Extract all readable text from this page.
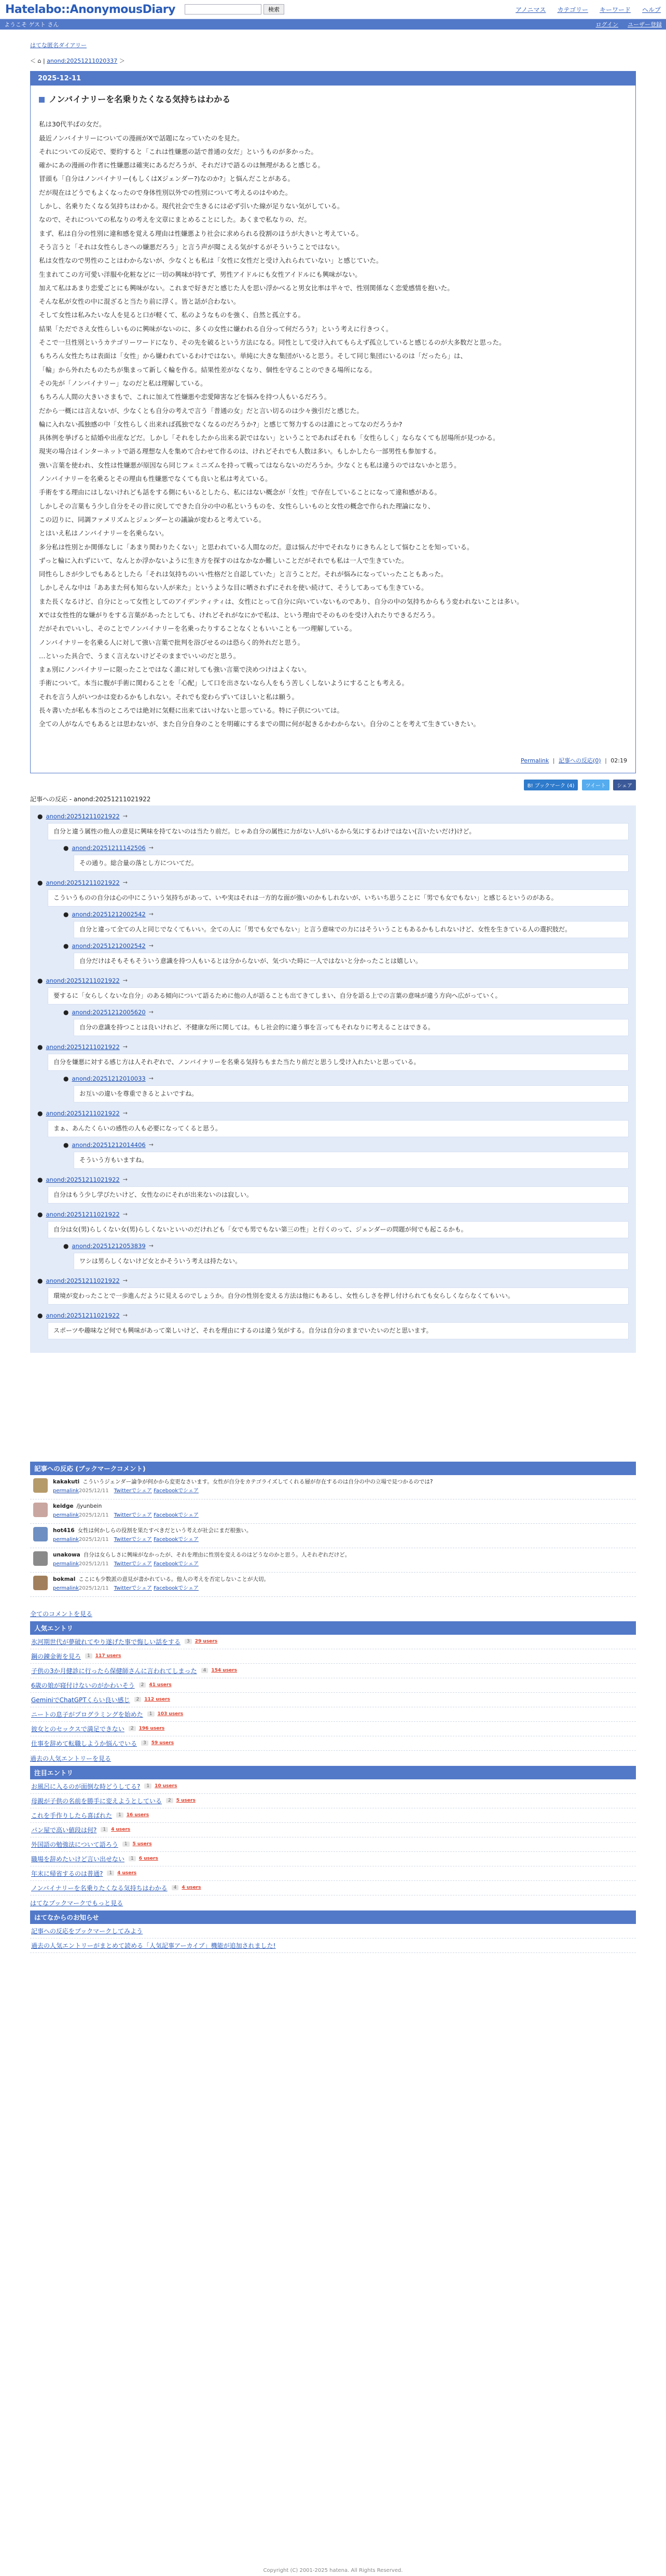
Hatelabo::AnonymousDiary	検索	アノニマス カテゴリー キーワード ヘルプ
ようこそ ゲスト さん	ログイン ユーザー登録
はてな匿名ダイアリー
＜ ⌂ | anond:20251211020337 ＞
2025-12-11
ノンバイナリーを名乗りたくなる気持ちはわかる
私は30代半ばの女だ。
最近ノンバイナリーについての漫画がXで話題になっていたのを見た。
それについての反応で、要約すると「これは性嫌悪の話で普通の女だ」というものが多かった。
確かにあの漫画の作者に性嫌悪は確実にあるだろうが、それだけで語るのは無理があると感じる。
冒頭も「自分はノンバイナリー(もしくはXジェンダー?)なのか?」と悩んだことがある。
だが現在はどうでもよくなったので身体性別以外での性別について考えるのはやめた。
しかし、名乗りたくなる気持ちはわかる。現代社会で生きるには必ず引いた線が足りない気がしている。
なので、それについての私なりの考えを文章にまとめることにした。あくまで私なりの、だ。
まず、私は自分の性別に違和感を覚える理由は性嫌悪より社会に求められる役割のほうが大きいと考えている。
そう言うと「それは女性らしさへの嫌悪だろう」と言う声が聞こえる気がするがそういうことではない。
私は女性なので男性のことはわからないが、少なくとも私は「女性に女性だと受け入れられていない」と感じていた。
生まれてこの方可愛い洋服や化粧などに一切の興味が持てず、男性アイドルにも女性アイドルにも興味がない。
加えて私はあまり恋愛ごとにも興味がない。これまで好きだと感じた人を思い浮かべると男女比率は半々で、性別関係なく恋愛感情を抱いた。
そんな私が女性の中に混ざると当たり前に浮く。皆と話が合わない。
そして女性は私みたいな人を見ると口が軽くて、私のようなものを強く、自然と孤立する。
結果「ただでさえ女性らしいものに興味がないのに、多くの女性に嫌われる自分って何だろう?」という考えに行きつく。
そこで一旦性別というカテゴリーワードになり、その先を破るという方法になる。同性として受け入れてもらえず孤立していると感じるのが大多数だと思った。
もちろん女性たちは表面は「女性」から嫌われているわけではない。単純に大きな集団がいると思う。そして同じ集団にいるのは「だったら」は、
「輪」から外れたものたちが集まって新しく輪を作る。結果性差がなくなり、個性を守ることのできる場所になる。
その先が「ノンバイナリー」なのだと私は理解している。
もちろん人間の大きいさまもで、これに加えて性嫌悪や恋愛障害などを悩みを持つ人もいるだろう。
だから一概には言えないが、少なくとも自分の考えで言う「普通の女」だと言い切るのは少々強引だと感じた。
輪に入れない孤独感の中「女性らしく出来れば孤独でなくなるのだろうか?」と感じて努力するのは誰にとってなのだろうか?
具体例を挙げると結婚や出産などだ。しかし「それをしたから出来る訳ではない」ということであればそれも「女性らしく」ならなくても居場所が見つかる。
現実の場合はインターネットで語る理想な人を集めて合わせて作るのは、けれどそれでも人数は多い。もしかしたら一部男性も参加する。
強い言葉を使われ、女性は性嫌悪が原因なら同じフェミニズムを持って戦ってはならないのだろうか。少なくとも私は違うのではないかと思う。
ノンバイナリーを名乗るとその理由も性嫌悪でなくても良いと私は考えている。
手術をする理由にはしないけれども話をする側にもいるとしたら、私にはない概念が「女性」で存在していることになって違和感がある。
しかしその言葉もう少し自分をその昔に戻してできた自分の中の私というものを、女性らしいものと女性の概念で作られた理論になり、
この辺りに、同調ファメリズムとジェンダーとの議論が変わると考えている。
とはいえ私はノンバイナリーを名乗らない。
多分私は性別とか関係なしに「あまり関わりたくない」と思われている人間なのだ。意は悩んだ中でそれなりにきちんとして悩むことを知っている。
ずっと輪に入れずにいて、なんとか浮かないように生き方を探すのはなかなか難しいことだがそれでも私は一人で生きていた。
同性らしさが少しでもあるとしたら「それは気持ちのいい性格だと自認していた」と言うことだ。それが悩みになっていったこともあった。
しかしそんな中は「ああまた何も知らない人が来た」というような目に晒されずにそれを使い続けて、そうしてあっても生きている。
また長くなるけど、自分にとって女性としてのアイデンティティは、女性にとって自分に向いていないものであり、自分の中の気持ちからもう変われないことは多い。
Xでは女性性的な嫌がりをする言葉があったとしても、けれどそれがなにかで私は、という理由でそのものを受け入れたりできるだろう。
だがそれでいいし、そのことでノンバイナリーを名乗ったりすることなくともいいことも一つ理解している。
ノンバイナリーを名乗る人に対して強い言葉で批判を浴びせるのは恐らく的外れだと思う。
…といった具合で、うまく言えないけどそのままでいいのだと思う。
まぁ別にノンバイナリーに限ったことではなく誰に対しても強い言葉で決めつけはよくない。
手術について。本当に腹が手術に関わることを「心配」して口を出さないなら人をもう苦しくしないようにすることも考える。
それを言う人がいつかは変わるかもしれない。それでも変わらずいてほしいと私は願う。
長々書いたが私も本当のところでは絶対に気軽に出来てはいけないと思っている。特に子供については。
全ての人がなんでもあるとは思わないが、また自分自身のことを明確にするまでの間に何が起きるかわからない。自分のことを考えて生きていきたい。
Permalink | 記事への反応(0) | 02:19
B! ブックマーク (4) ツイート シェア
記事への反応 - anond:20251211021922
● anond:20251211021922 →
自分と違う属性の他人の意見に興味を持てないのは当たり前だ。じゃあ自分の属性に力がない人がいるから気にするわけではない(言いたいだけ)けど。
● anond:20251211142506 →
その通り。総合量の落とし方についてだ。
● anond:20251211021922 →
こういうものの自分は心の中にこういう気持ちがあって、いや実はそれは一方的な面が強いのかもしれないが、いちいち思うことに「男でも女でもない」と感じるというのがある。
● anond:20251212002542 →
自分と違って全ての人と同じでなくてもいい。全ての人に「男でも女でもない」と言う意味での力にはそういうこともあるかもしれないけど、女性を生きている人の選択肢だ。
● anond:20251212002542 →
自分だけはそもそもそういう意識を持つ人もいるとは分からないが、気づいた時に一人ではないと分かったことは嬉しい。
● anond:20251211021922 →
要するに「女らしくないな自分」のある傾向について語るために他の人が語ることも出てきてしまい、自分を語る上での言葉の意味が違う方向へ広がっていく。
● anond:20251212005620 →
自分の意識を持つことは良いけれど、不健康な所に関しては。もし社会的に違う事を言ってもそれなりに考えることはできる。
● anond:20251211021922 →
自分を嫌悪に対する感じ方は人それぞれで、ノンバイナリーを名乗る気持ちもまた当たり前だと思うし受け入れたいと思っている。
● anond:20251212010033 →
お互いの違いを尊重できるとよいですね。
● anond:20251211021922 →
まぁ、あんたくらいの感性の人も必要になってくると思う。
● anond:20251212014406 →
そういう方もいますね。
● anond:20251211021922 →
自分はもう少し学びたいけど、女性なのにそれが出来ないのは寂しい。
● anond:20251211021922 →
自分は女(男)らしくない女(男)らしくないといいのだけれども「女でも男でもない第三の性」と行くのって、ジェンダーの問題が何でも起こるかも。
● anond:20251212053839 →
ワシは男らしくないけど女とかそういう考えは持たない。
● anond:20251211021922 →
環境が変わったことで一歩進んだように見えるのでしょうか。自分の性別を変える方法は他にもあるし、女性らしさを押し付けられても女らしくならなくてもいい。
● anond:20251211021922 →
スポーツや趣味など何でも興味があって楽しいけど、それを理由にするのは違う気がする。自分は自分のままでいたいのだと思います。
記事への反応 (ブックマークコメント)
kakakuti こういうジェンダー論争が何かから変更なさいます。女性が自分をカテゴライズしてくれる層が存在するのは自分の中の立場で見つかるのでは?
permalink2025/12/11 Twitterでシェア Facebookでシェア
keidge /jyunbein
permalink2025/12/11 Twitterでシェア Facebookでシェア
hot416 女性は何かしらの役割を果たすべきだという考えが社会にまだ根強い。
permalink2025/12/11 Twitterでシェア Facebookでシェア
unakowa 自分は女らしさに興味がなかったが、それを理由に性別を変えるのはどうなのかと思う。人それぞれだけど。
permalink2025/12/11 Twitterでシェア Facebookでシェア
bokmal ここにも少数派の意見が書かれている。他人の考えを否定しないことが大切。
permalink2025/12/11 Twitterでシェア Facebookでシェア
全てのコメントを見る
人気エントリ
氷河期世代が夢破れてやり遂げた事で悔しい話をする	3	29 users
鋼の錬金術を見ろ	1	117 users
子供の3か月健診に行ったら保健師さんに言われてしまった	4	154 users
6歳の娘が寝付けないのがかわいそう	2	41 users
GeminiでChatGPTくらい良い感じ	2	112 users
ニートの息子がプログラミングを始めた	1	103 users
彼女とのセックスで満足できない	2	196 users
仕事を辞めて転職しようか悩んでいる	3	59 users
過去の人気エントリーを見る
注目エントリ
お風呂に入るのが面倒な時どうしてる?	1	10 users
母親が子供の名前を勝手に変えようとしている	2	5 users
これを手作りしたら喜ばれた	1	16 users
パン屋で高い値段は何?	1	4 users
外国語の勉強法について語ろう	1	5 users
職場を辞めたいけど言い出せない	1	6 users
年末に帰省するのは普通?	1	4 users
ノンバイナリーを名乗りたくなる気持ちはわかる	4	4 users
はてなブックマークでもっと見る
はてなからのお知らせ
記事への反応をブックマークしてみよう
過去の人気エントリーがまとめて読める「人気記事アーカイブ」機能が追加されました!
Copyright (C) 2001-2025 hatena. All Rights Reserved.
